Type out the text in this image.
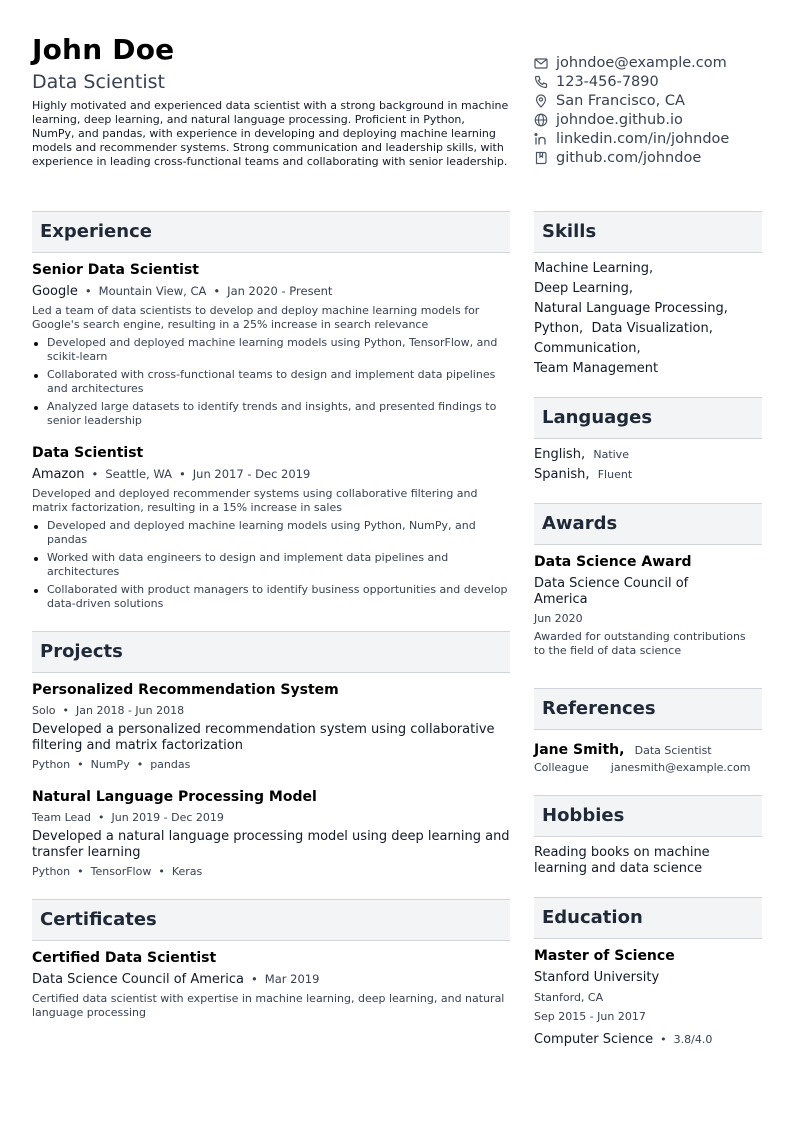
John Doe
Data Scientist
Highly motivated and experienced data scientist with a strong background in machine learning, deep learning, and natural language processing. Proficient in Python, NumPy, and pandas, with experience in developing and deploying machine learning models and recommender systems. Strong communication and leadership skills, with experience in leading cross-functional teams and collaborating with senior leadership.
johndoe@example.com
123-456-7890
San Francisco, CA
johndoe.github.io
linkedin.com/in/johndoe
github.com/johndoe
Experience
Senior Data Scientist
Google • Mountain View, CA • Jan 2020 - Present
Led a team of data scientists to develop and deploy machine learning models for Google's search engine, resulting in a 25% increase in search relevance
Developed and deployed machine learning models using Python, TensorFlow, and scikit-learn
Collaborated with cross-functional teams to design and implement data pipelines and architectures
Analyzed large datasets to identify trends and insights, and presented findings to senior leadership
Data Scientist
Amazon • Seattle, WA • Jun 2017 - Dec 2019
Developed and deployed recommender systems using collaborative filtering and matrix factorization, resulting in a 15% increase in sales
Developed and deployed machine learning models using Python, NumPy, and pandas
Worked with data engineers to design and implement data pipelines and architectures
Collaborated with product managers to identify business opportunities and develop data-driven solutions
Projects
Personalized Recommendation System
Solo • Jan 2018 - Jun 2018
Developed a personalized recommendation system using collaborative filtering and matrix factorization
Python • NumPy • pandas
Natural Language Processing Model
Team Lead • Jun 2019 - Dec 2019
Developed a natural language processing model using deep learning and transfer learning
Python • TensorFlow • Keras
Certificates
Certified Data Scientist
Data Science Council of America • Mar 2019
Certified data scientist with expertise in machine learning, deep learning, and natural language processing
Skills
Machine Learning,
Deep Learning,
Natural Language Processing,
Python, Data Visualization,
Communication,
Team Management
Languages
English, Native
Spanish, Fluent
Awards
Data Science Award
Data Science Council of America
Jun 2020
Awarded for outstanding contributions to the field of data science
References
Jane Smith, Data Scientist
Colleague janesmith@example.com
Hobbies
Reading books on machine learning and data science
Education
Master of Science
Stanford University
Stanford, CA
Sep 2015 - Jun 2017
Computer Science • 3.8/4.0
